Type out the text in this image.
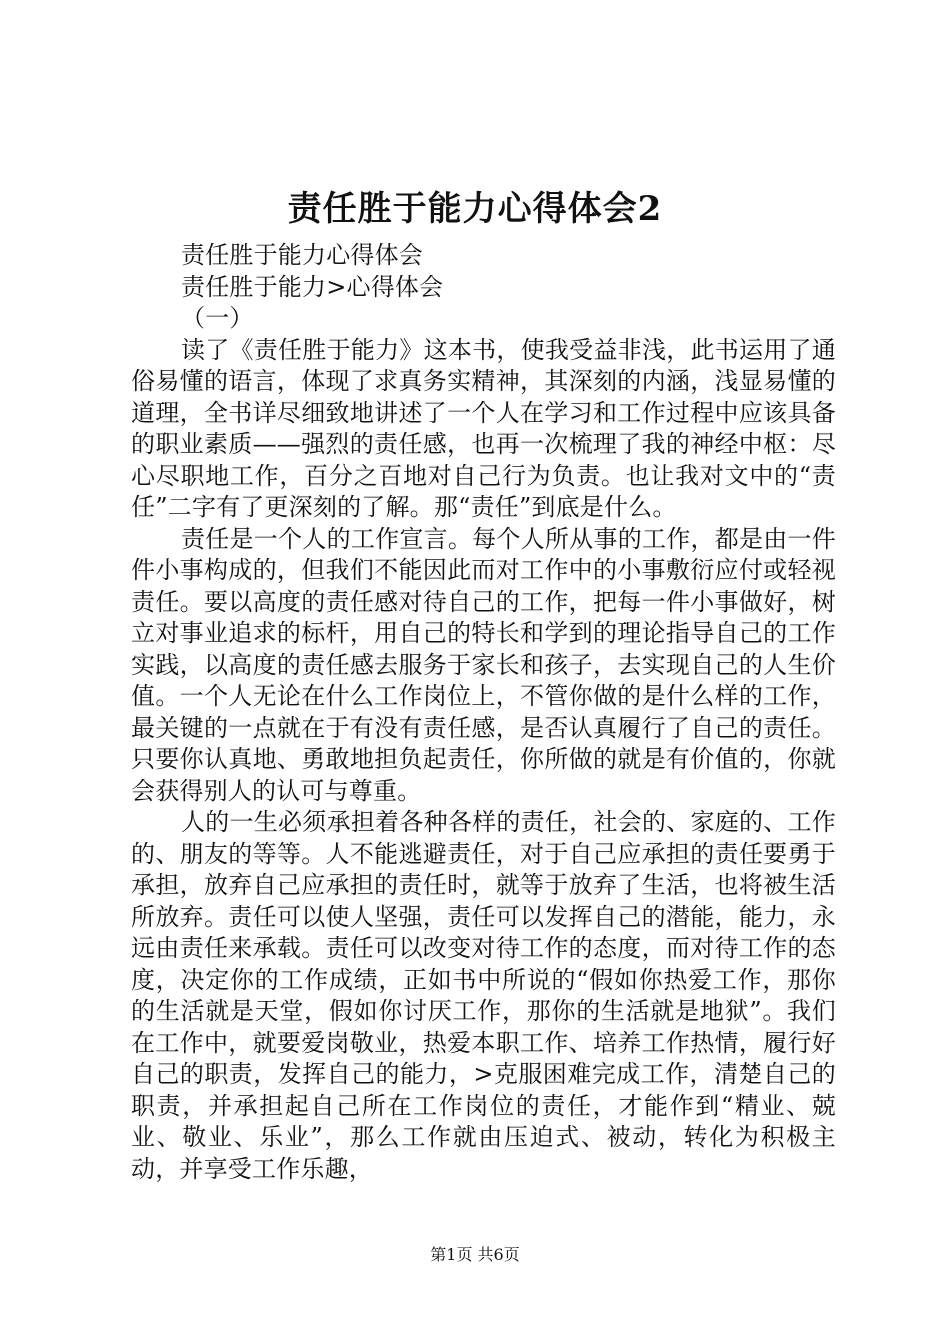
责任胜于能力心得体会2

责任胜于能力心得体会

责任胜于能力>心得体会

（一）

读了《责任胜于能力》这本书，使我受益非浅，此书运用了通俗易懂的语言，体现了求真务实精神，其深刻的内涵，浅显易懂的道理，全书详尽细致地讲述了一个人在学习和工作过程中应该具备的职业素质——强烈的责任感，也再一次梳理了我的神经中枢：尽心尽职地工作，百分之百地对自己行为负责。也让我对文中的“责任”二字有了更深刻的了解。那“责任”到底是什么。

责任是一个人的工作宣言。每个人所从事的工作，都是由一件件小事构成的，但我们不能因此而对工作中的小事敷衍应付或轻视责任。要以高度的责任感对待自己的工作，把每一件小事做好，树立对事业追求的标杆，用自己的特长和学到的理论指导自己的工作实践，以高度的责任感去服务于家长和孩子，去实现自己的人生价值。一个人无论在什么工作岗位上，不管你做的是什么样的工作，最关键的一点就在于有没有责任感，是否认真履行了自己的责任。只要你认真地、勇敢地担负起责任，你所做的就是有价值的，你就会获得别人的认可与尊重。

人的一生必须承担着各种各样的责任，社会的、家庭的、工作的、朋友的等等。人不能逃避责任，对于自己应承担的责任要勇于承担，放弃自己应承担的责任时，就等于放弃了生活，也将被生活所放弃。责任可以使人坚强，责任可以发挥自己的潜能，能力，永远由责任来承载。责任可以改变对待工作的态度，而对待工作的态度，决定你的工作成绩，正如书中所说的“假如你热爱工作，那你的生活就是天堂，假如你讨厌工作，那你的生活就是地狱”。我们在工作中，就要爱岗敬业，热爱本职工作、培养工作热情，履行好自己的职责，发挥自己的能力，>克服困难完成工作，清楚自己的职责，并承担起自己所在工作岗位的责任，才能作到“精业、兢业、敬业、乐业”，那么工作就由压迫式、被动，转化为积极主动，并享受工作乐趣，

第1页 共6页
